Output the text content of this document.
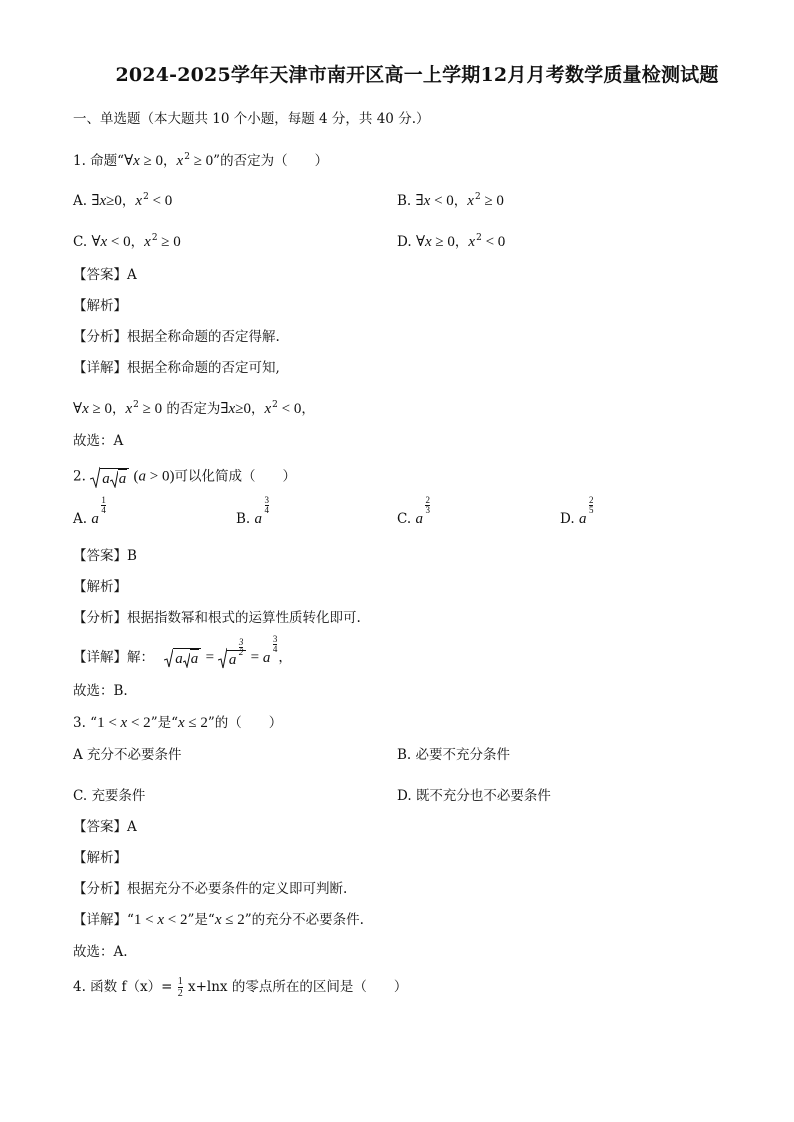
2024-2025学年天津市南开区高一上学期12月月考数学质量检测试题
一、单选题（本大题共 10 个小题，每题 4 分，共 40 分.）
1. 命题“∀x ≥ 0，$x^2 \ge 0$”的否定为（　　）
A. ∃x≥0，$x^2 < 0$	B. ∃x < 0，$x^2 \ge 0$
C. ∀x < 0，$x^2 \ge 0$	D. ∀x ≥ 0，$x^2 < 0$
【答案】A
【解析】
【分析】根据全称命题的否定得解.
【详解】根据全称命题的否定可知,
∀x ≥ 0，$x^2 \ge 0$ 的否定为∃x≥0，$x^2 < 0$，
故选：A
2. a a (a > 0)可以化简成（　　）
A. a
1
4
B. a
3
4
C. a
2
3
D. a
2
5
【答案】B
【解析】
【分析】根据指数幂和根式的运算性质转化即可.
【详解】解： a a = a
3
2 = a
3
4
，
故选：B.
3. “1 < x < 2”是“x ≤ 2”的（　　）
A 充分不必要条件	B. 必要不充分条件
C. 充要条件	D. 既不充分也不必要条件
【答案】A
【解析】
【分析】根据充分不必要条件的定义即可判断.
【详解】“1 < x < 2”是“x ≤ 2”的充分不必要条件.
故选：A.
4. 函数 $f(x)= \frac{1}{2} x+\ln x$ 的零点所在的区间是（　　）
